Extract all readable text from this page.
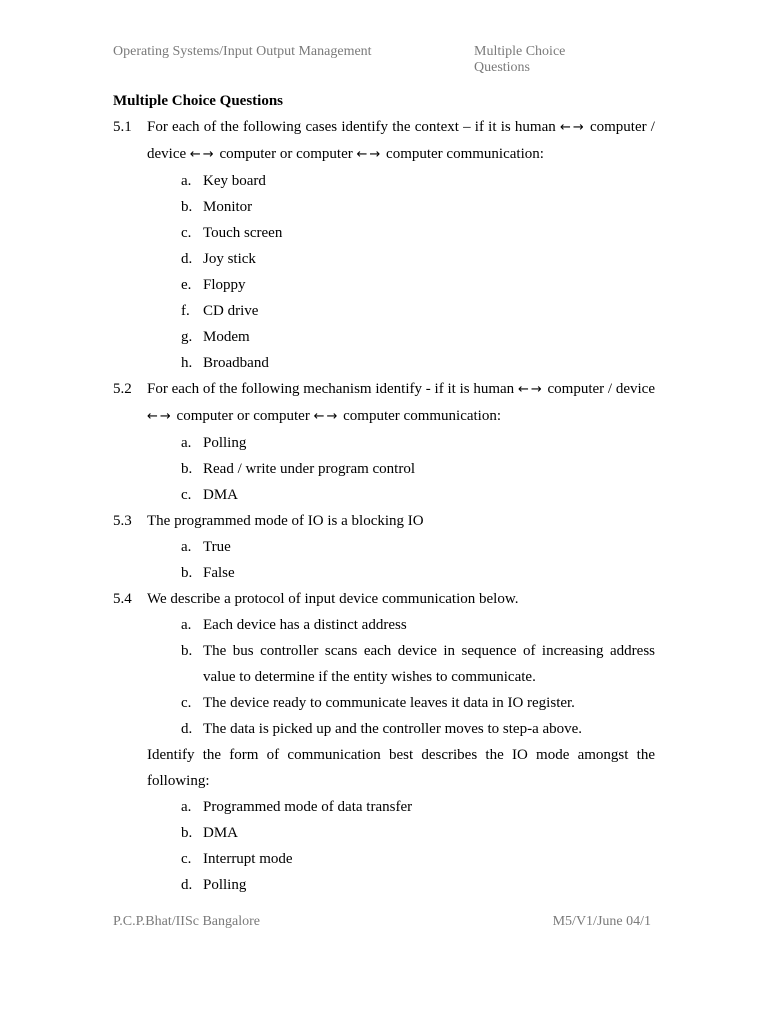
Operating Systems/Input Output Management	Multiple Choice Questions
Multiple Choice Questions
5.1 For each of the following cases identify the context – if it is human ←→ computer / device ←→ computer or computer ←→ computer communication:
a. Key board
b. Monitor
c. Touch screen
d. Joy stick
e. Floppy
f. CD drive
g. Modem
h. Broadband
5.2 For each of the following mechanism identify - if it is human ←→ computer / device ←→ computer or computer ←→ computer communication:
a. Polling
b. Read / write under program control
c. DMA
5.3 The programmed mode of IO is a blocking IO
a. True
b. False
5.4 We describe a protocol of input device communication below.
a. Each device has a distinct address
b. The bus controller scans each device in sequence of increasing address value to determine if the entity wishes to communicate.
c. The device ready to communicate leaves it data in IO register.
d. The data is picked up and the controller moves to step-a above.
Identify the form of communication best describes the IO mode amongst the following:
a. Programmed mode of data transfer
b. DMA
c. Interrupt mode
d. Polling
P.C.P.Bhat/IISc Bangalore	M5/V1/June 04/1
